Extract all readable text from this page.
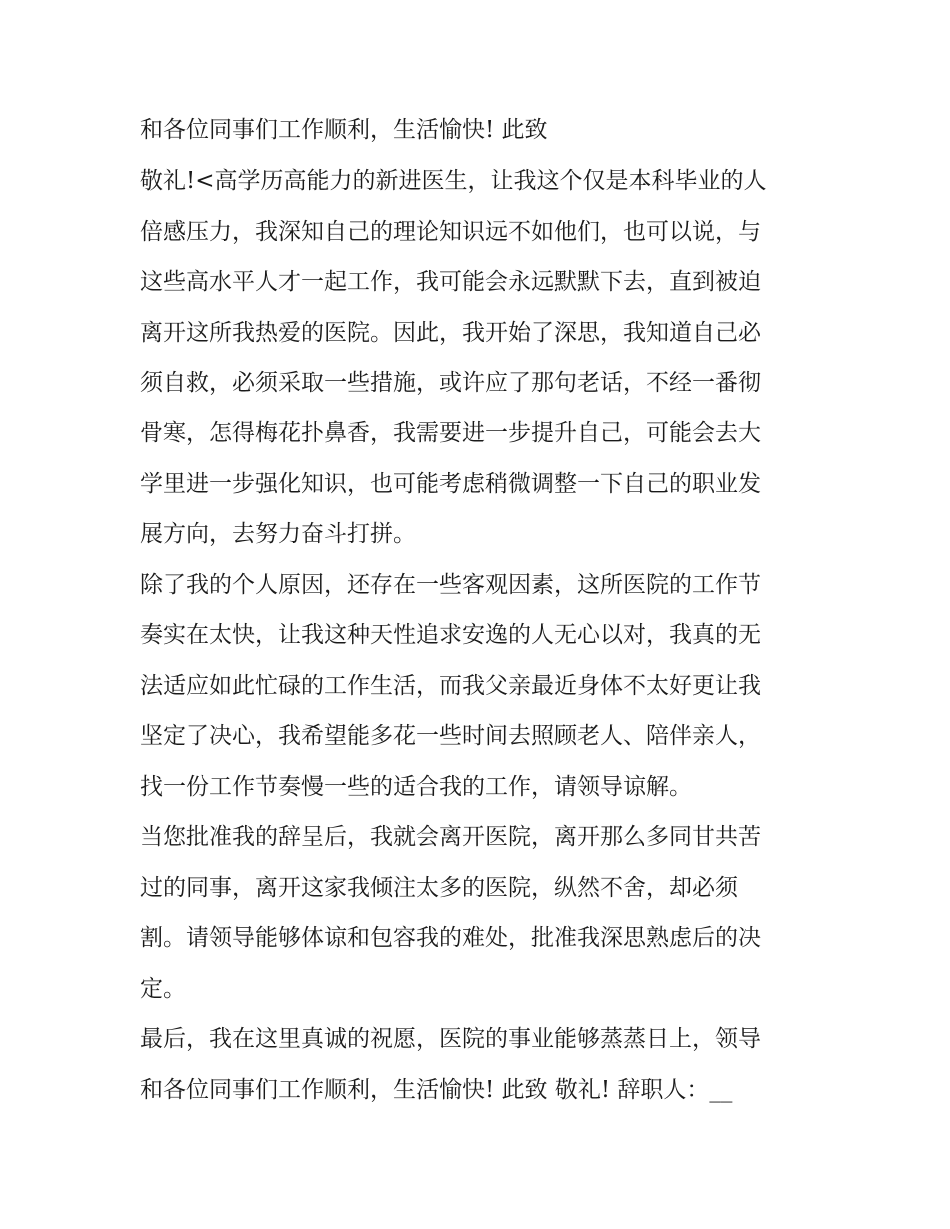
和各位同事们工作顺利，生活愉快! 此致
敬礼!<高学历高能力的新进医生，让我这个仅是本科毕业的人
倍感压力，我深知自己的理论知识远不如他们，也可以说，与
这些高水平人才一起工作，我可能会永远默默下去，直到被迫
离开这所我热爱的医院。因此，我开始了深思，我知道自己必
须自救，必须采取一些措施，或许应了那句老话，不经一番彻
骨寒，怎得梅花扑鼻香，我需要进一步提升自己，可能会去大
学里进一步强化知识，也可能考虑稍微调整一下自己的职业发
展方向，去努力奋斗打拼。
除了我的个人原因，还存在一些客观因素，这所医院的工作节
奏实在太快，让我这种天性追求安逸的人无心以对，我真的无
法适应如此忙碌的工作生活，而我父亲最近身体不太好更让我
坚定了决心，我希望能多花一些时间去照顾老人、陪伴亲人，
找一份工作节奏慢一些的适合我的工作，请领导谅解。
当您批准我的辞呈后，我就会离开医院，离开那么多同甘共苦
过的同事，离开这家我倾注太多的医院，纵然不舍，却必须
割。请领导能够体谅和包容我的难处，批准我深思熟虑后的决
定。
最后，我在这里真诚的祝愿，医院的事业能够蒸蒸日上，领导
和各位同事们工作顺利，生活愉快! 此致 敬礼! 辞职人：__
